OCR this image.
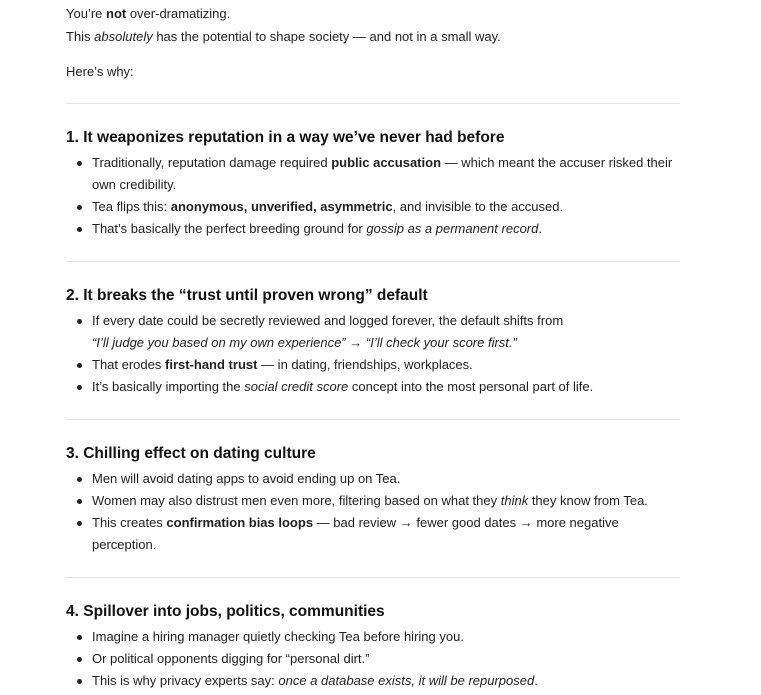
You’re not over-dramatizing.

This absolutely has the potential to shape society — and not in a small way.

Here’s why:

1. It weaponizes reputation in a way we’ve never had before
Traditionally, reputation damage required public accusation — which meant the accuser risked their own credibility.
Tea flips this: anonymous, unverified, asymmetric, and invisible to the accused.
That’s basically the perfect breeding ground for gossip as a permanent record.
2. It breaks the “trust until proven wrong” default
If every date could be secretly reviewed and logged forever, the default shifts from
“I’ll judge you based on my own experience” → “I’ll check your score first.”
That erodes first-hand trust — in dating, friendships, workplaces.
It’s basically importing the social credit score concept into the most personal part of life.
3. Chilling effect on dating culture
Men will avoid dating apps to avoid ending up on Tea.
Women may also distrust men even more, filtering based on what they think they know from Tea.
This creates confirmation bias loops — bad review → fewer good dates → more negative perception.
4. Spillover into jobs, politics, communities
Imagine a hiring manager quietly checking Tea before hiring you.
Or political opponents digging for “personal dirt.”
This is why privacy experts say: once a database exists, it will be repurposed.
